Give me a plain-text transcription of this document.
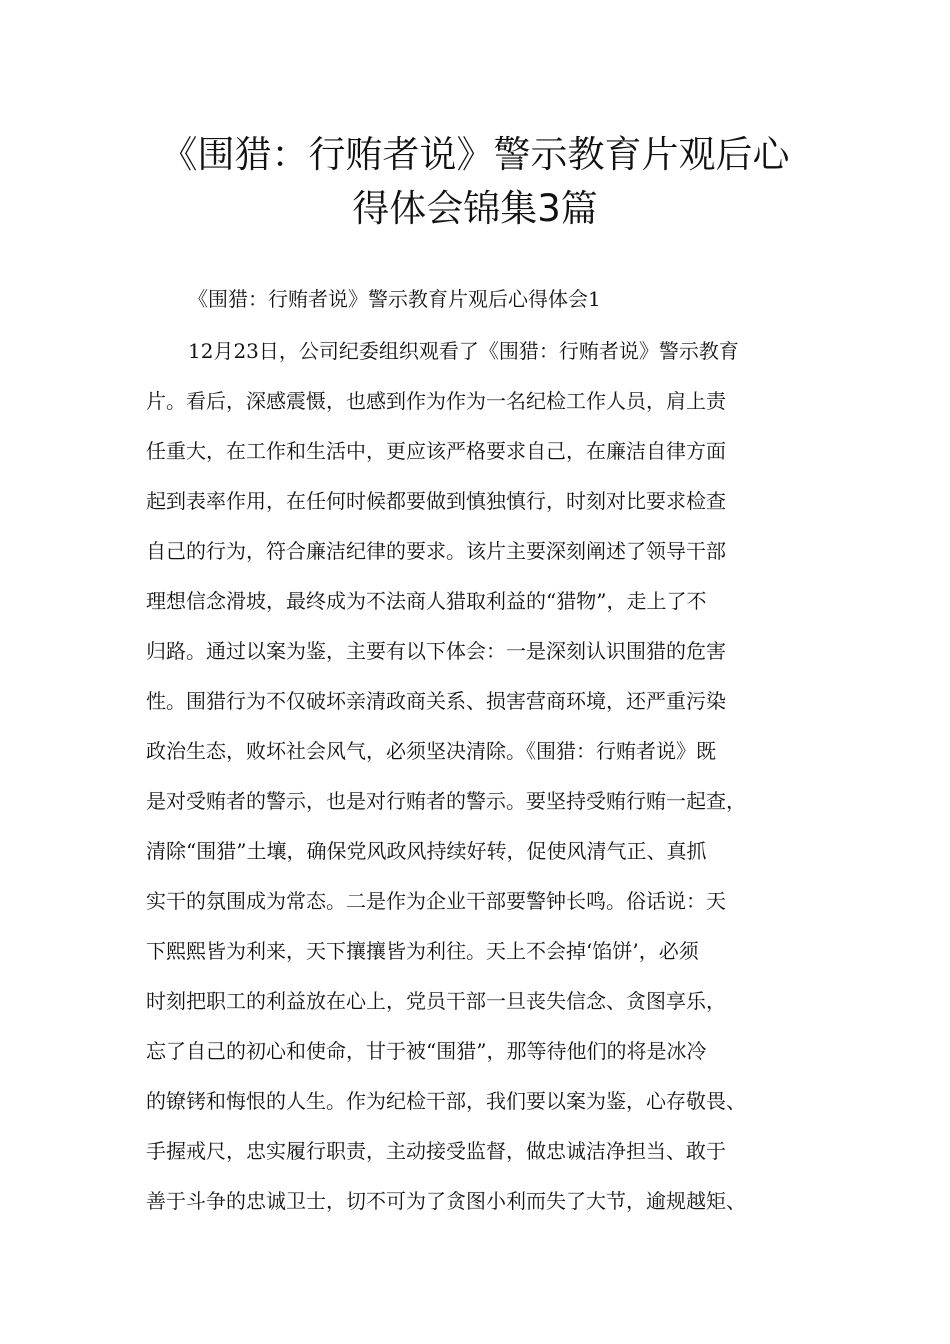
《围猎：行贿者说》警示教育片观后心
得体会锦集3篇
《围猎：行贿者说》警示教育片观后心得体会1
12月23日，公司纪委组织观看了《围猎：行贿者说》警示教育
片。看后，深感震慑，也感到作为作为一名纪检工作人员，肩上责
任重大，在工作和生活中，更应该严格要求自己，在廉洁自律方面
起到表率作用，在任何时候都要做到慎独慎行，时刻对比要求检查
自己的行为，符合廉洁纪律的要求。该片主要深刻阐述了领导干部
理想信念滑坡，最终成为不法商人猎取利益的“猎物”，走上了不
归路。通过以案为鉴，主要有以下体会：一是深刻认识围猎的危害
性。围猎行为不仅破坏亲清政商关系、损害营商环境，还严重污染
政治生态，败坏社会风气，必须坚决清除。《围猎：行贿者说》既
是对受贿者的警示，也是对行贿者的警示。要坚持受贿行贿一起查，
清除“围猎”土壤，确保党风政风持续好转，促使风清气正、真抓
实干的氛围成为常态。二是作为企业干部要警钟长鸣。俗话说：天
下熙熙皆为利来，天下攘攘皆为利往。天上不会掉‘馅饼’，必须
时刻把职工的利益放在心上，党员干部一旦丧失信念、贪图享乐，
忘了自己的初心和使命，甘于被“围猎”，那等待他们的将是冰冷
的镣铐和悔恨的人生。作为纪检干部，我们要以案为鉴，心存敬畏、
手握戒尺，忠实履行职责，主动接受监督，做忠诚洁净担当、敢于
善于斗争的忠诚卫士，切不可为了贪图小利而失了大节，逾规越矩、
